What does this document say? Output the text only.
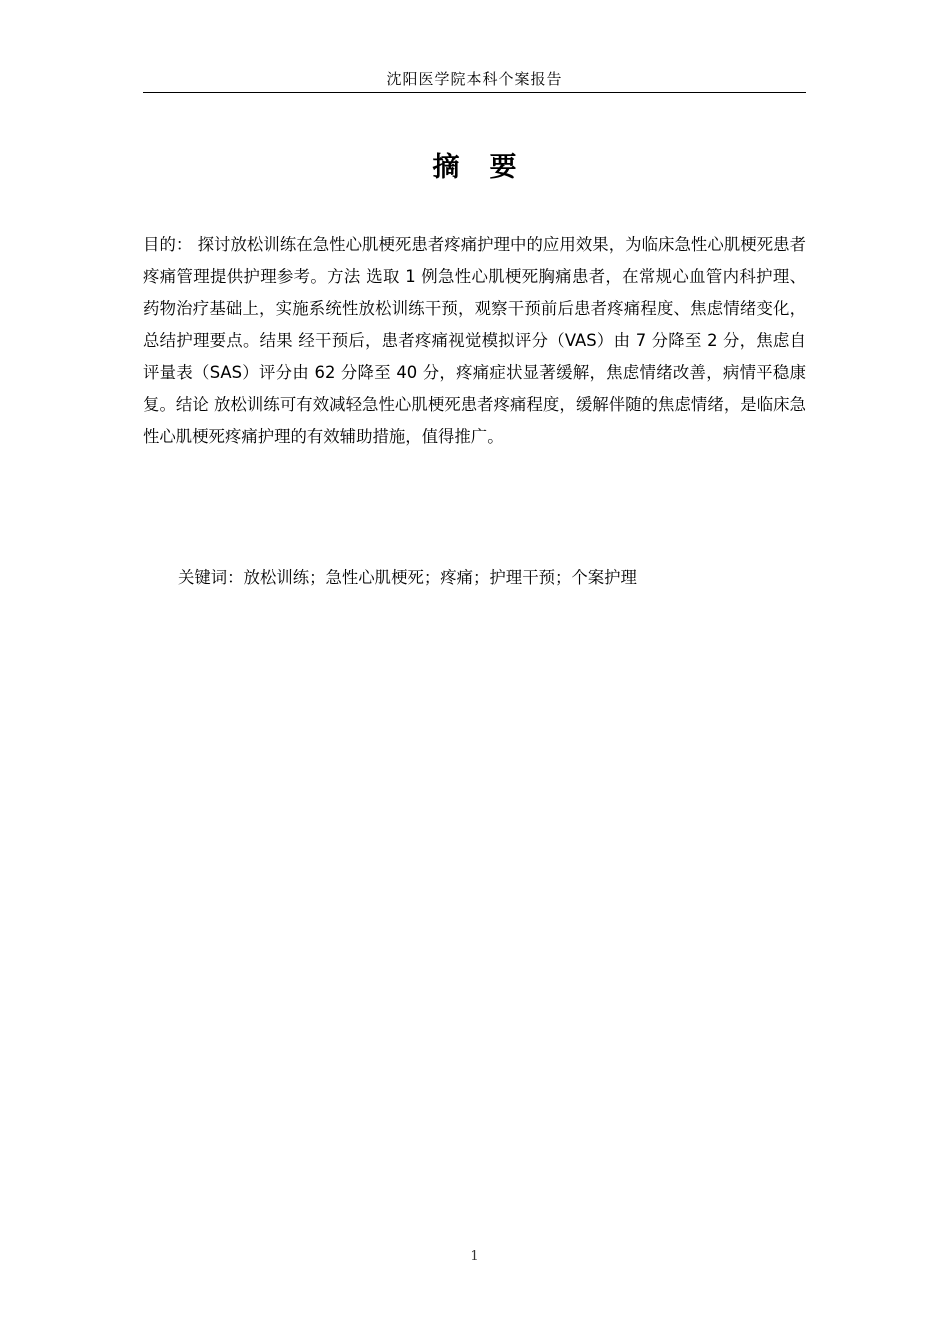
沈阳医学院本科个案报告
摘 要
目的： 探讨放松训练在急性心肌梗死患者疼痛护理中的应用效果，为临床急性心肌梗死患者疼痛管理提供护理参考。方法 选取 1 例急性心肌梗死胸痛患者，在常规心血管内科护理、药物治疗基础上，实施系统性放松训练干预，观察干预前后患者疼痛程度、焦虑情绪变化，总结护理要点。结果 经干预后，患者疼痛视觉模拟评分（VAS）由 7 分降至 2 分，焦虑自评量表（SAS）评分由 62 分降至 40 分，疼痛症状显著缓解，焦虑情绪改善，病情平稳康复。结论 放松训练可有效减轻急性心肌梗死患者疼痛程度，缓解伴随的焦虑情绪，是临床急性心肌梗死疼痛护理的有效辅助措施，值得推广。
关键词：放松训练；急性心肌梗死；疼痛；护理干预；个案护理
1
